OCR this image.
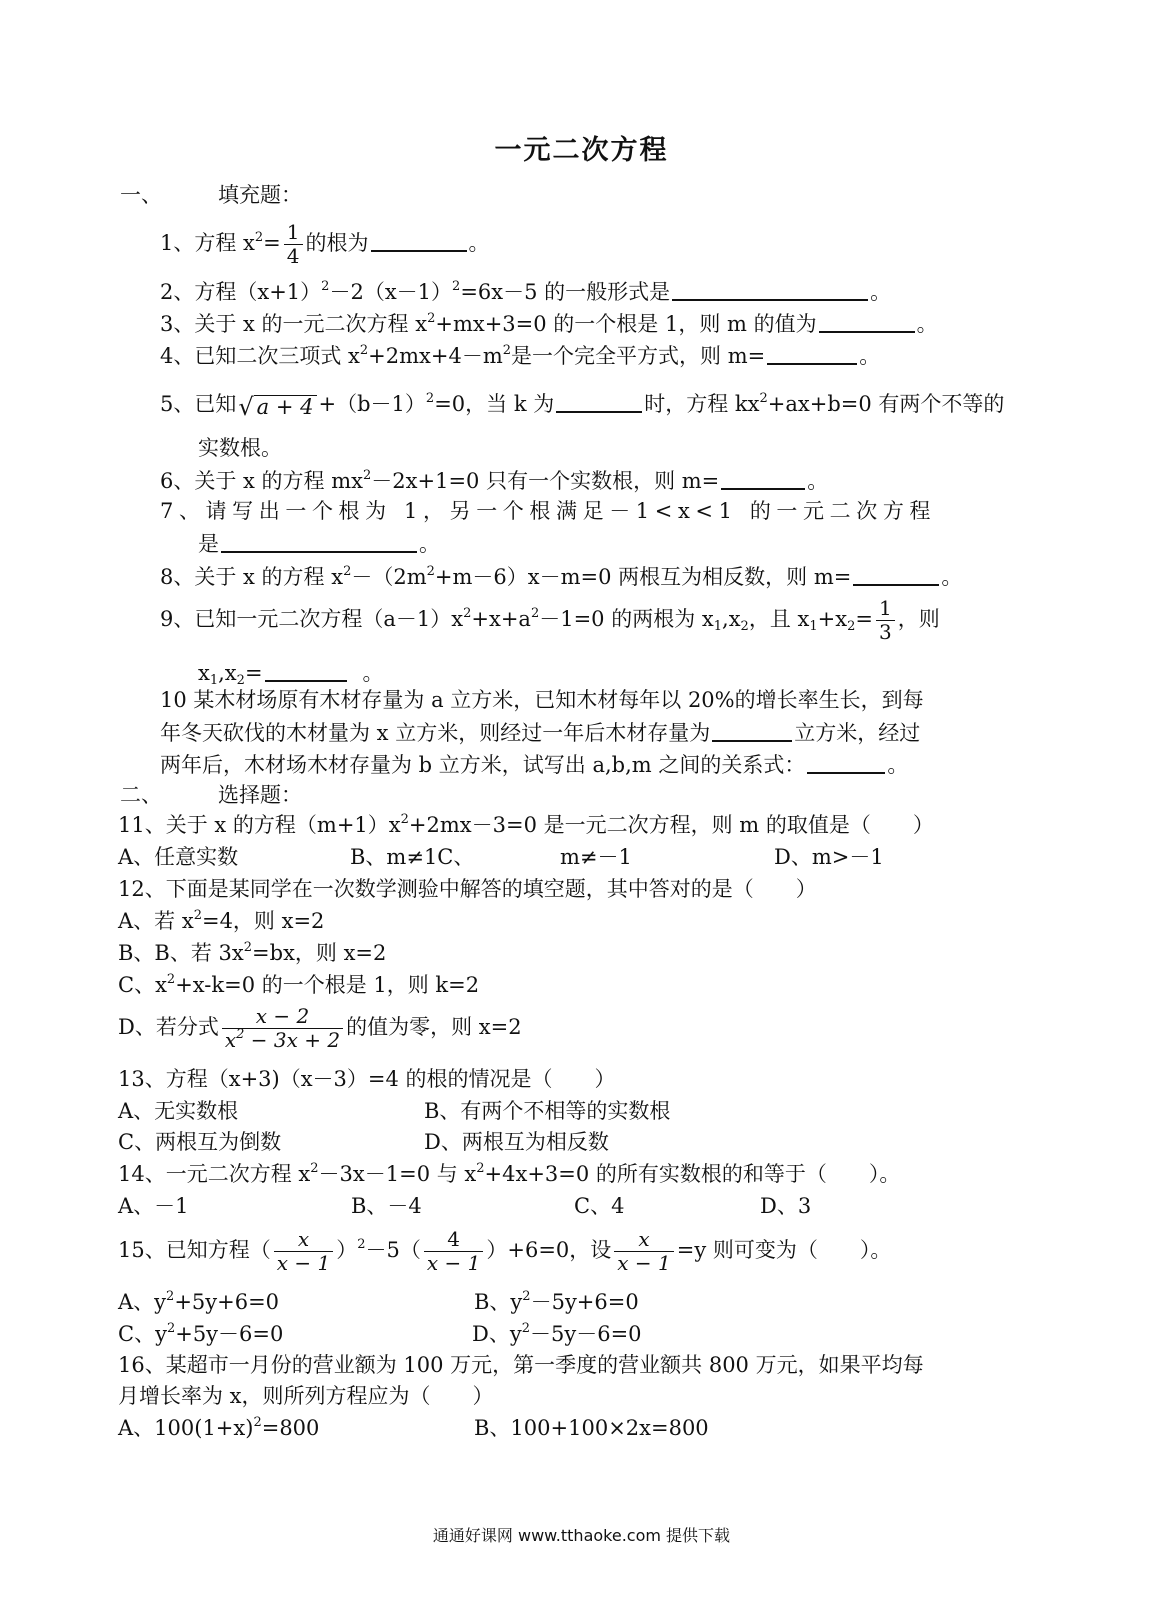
一元二次方程
一、	填充题：
1、方程 $x^2= \frac{1}{4}$ 的根为	。
2、方程$(x+1)^2-2(x-1)^2=6x-5$ 的一般形式是	。
3、关于 x 的一元二次方程 $x^2+mx+3=0$ 的一个根是 1，则 m 的值为	。
4、已知二次三项式 $x^2+2mx+4-m^2$是一个完全平方式，则 m=	。
5、已知 √ $a + 4 +(b-1)^2=0$，当 k 为	时，方程 $kx^2+ax+b=0$ 有两个不等的
实数根。
6、关于 x 的方程 $mx^2-2x+1=0$ 只有一个实数根，则 m=	。
7、请写出一个根为 1，另一个根满足－1<x<1 的一元二次方程
是	。
8、关于 x 的方程 $x^2-(2m^2+m-6)x-m=0$ 两根互为相反数，则 m=	。
9、已知一元二次方程$(a-1)x^2+x+a^2-1=0$ 的两根为 $x_1,x_2$，且 $x_1+x_2= \frac{1}{3}$ ，则
$x_1,x_2=$	。
10 某木材场原有木材存量为 a 立方米，已知木材每年以 20%的增长率生长，到每
年冬天砍伐的木材量为 x 立方米，则经过一年后木材存量为	立方米，经过
两年后，木材场木材存量为 b 立方米，试写出 a,b,m 之间的关系式：	。
二、	选择题：
11、关于 x 的方程$(m+1)x^2+2mx-3=0$ 是一元二次方程，则 m 的取值是（　　）
A、任意实数	B、m≠1C、	m≠－1	D、m>－1
12、下面是某同学在一次数学测验中解答的填空题，其中答对的是（　　）
A、若 $x^2=4$，则 x=2
B、B、若 $3x^2=bx$，则 x=2
C、$x^2+x-k=0$ 的一个根是 1，则 k=2
D、若分式 $\frac{x - 2}{x^2 - 3x + 2}$ 的值为零，则 x=2
13、方程（x+3)（x－3）=4 的根的情况是（　　）
A、无实数根	B、有两个不相等的实数根
C、两根互为倒数	D、两根互为相反数
14、一元二次方程 $x^2-3x-1=0$ 与 $x^2+4x+3=0$ 的所有实数根的和等于（　　）。
A、－1	B、－4	C、4	D、3
15、已知方程（ $\frac{x}{x - 1} )^2-5( \frac{4}{x - 1} )+6=0$，设 $\frac{x}{x - 1} =y$ 则可变为（　　）。
A、$y^2+5y+6=0$	B、$y^2-5y+6=0$
C、$y^2+5y-6=0$	D、$y^2-5y-6=0$
16、某超市一月份的营业额为 100 万元，第一季度的营业额共 800 万元，如果平均每
月增长率为 x，则所列方程应为（　　）
A、$100(1+x)^2=800$	B、100+100×2x=800
通通好课网 www.tthaoke.com 提供下载
